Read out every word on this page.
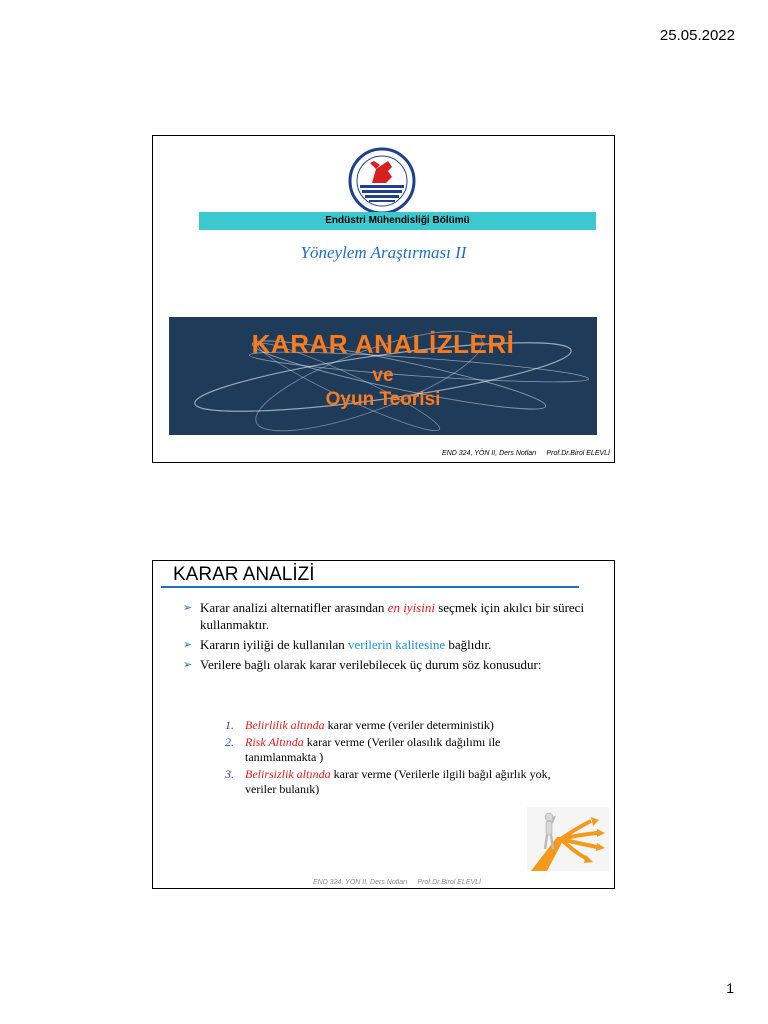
25.05.2022
Endüstri Mühendisliği Bölümü
Yöneylem Araştırması II
KARAR ANALİZLERİ
ve
Oyun Teorisi
END 324, YÖN II, Ders Notları Prof.Dr.Birol ELEVLİ
KARAR ANALİZİ
➢ Karar analizi alternatifler arasından en iyisini seçmek için akılcı bir süreci kullanmaktır.
➢ Kararın iyiliği de kullanılan verilerin kalitesine bağlıdır.
➢ Verilere bağlı olarak karar verilebilecek üç durum söz konusudur:
1. Belirlilik altında karar verme (veriler deterministik)
2. Risk Altında karar verme (Veriler olasılık dağılımı ile tanımlanmakta )
3. Belirsizlik altında karar verme (Verilerle ilgili bağıl ağırlık yok, veriler bulanık)
END 324, YÖN II, Ders Notları Prof.Dr.Birol ELEVLİ
1
